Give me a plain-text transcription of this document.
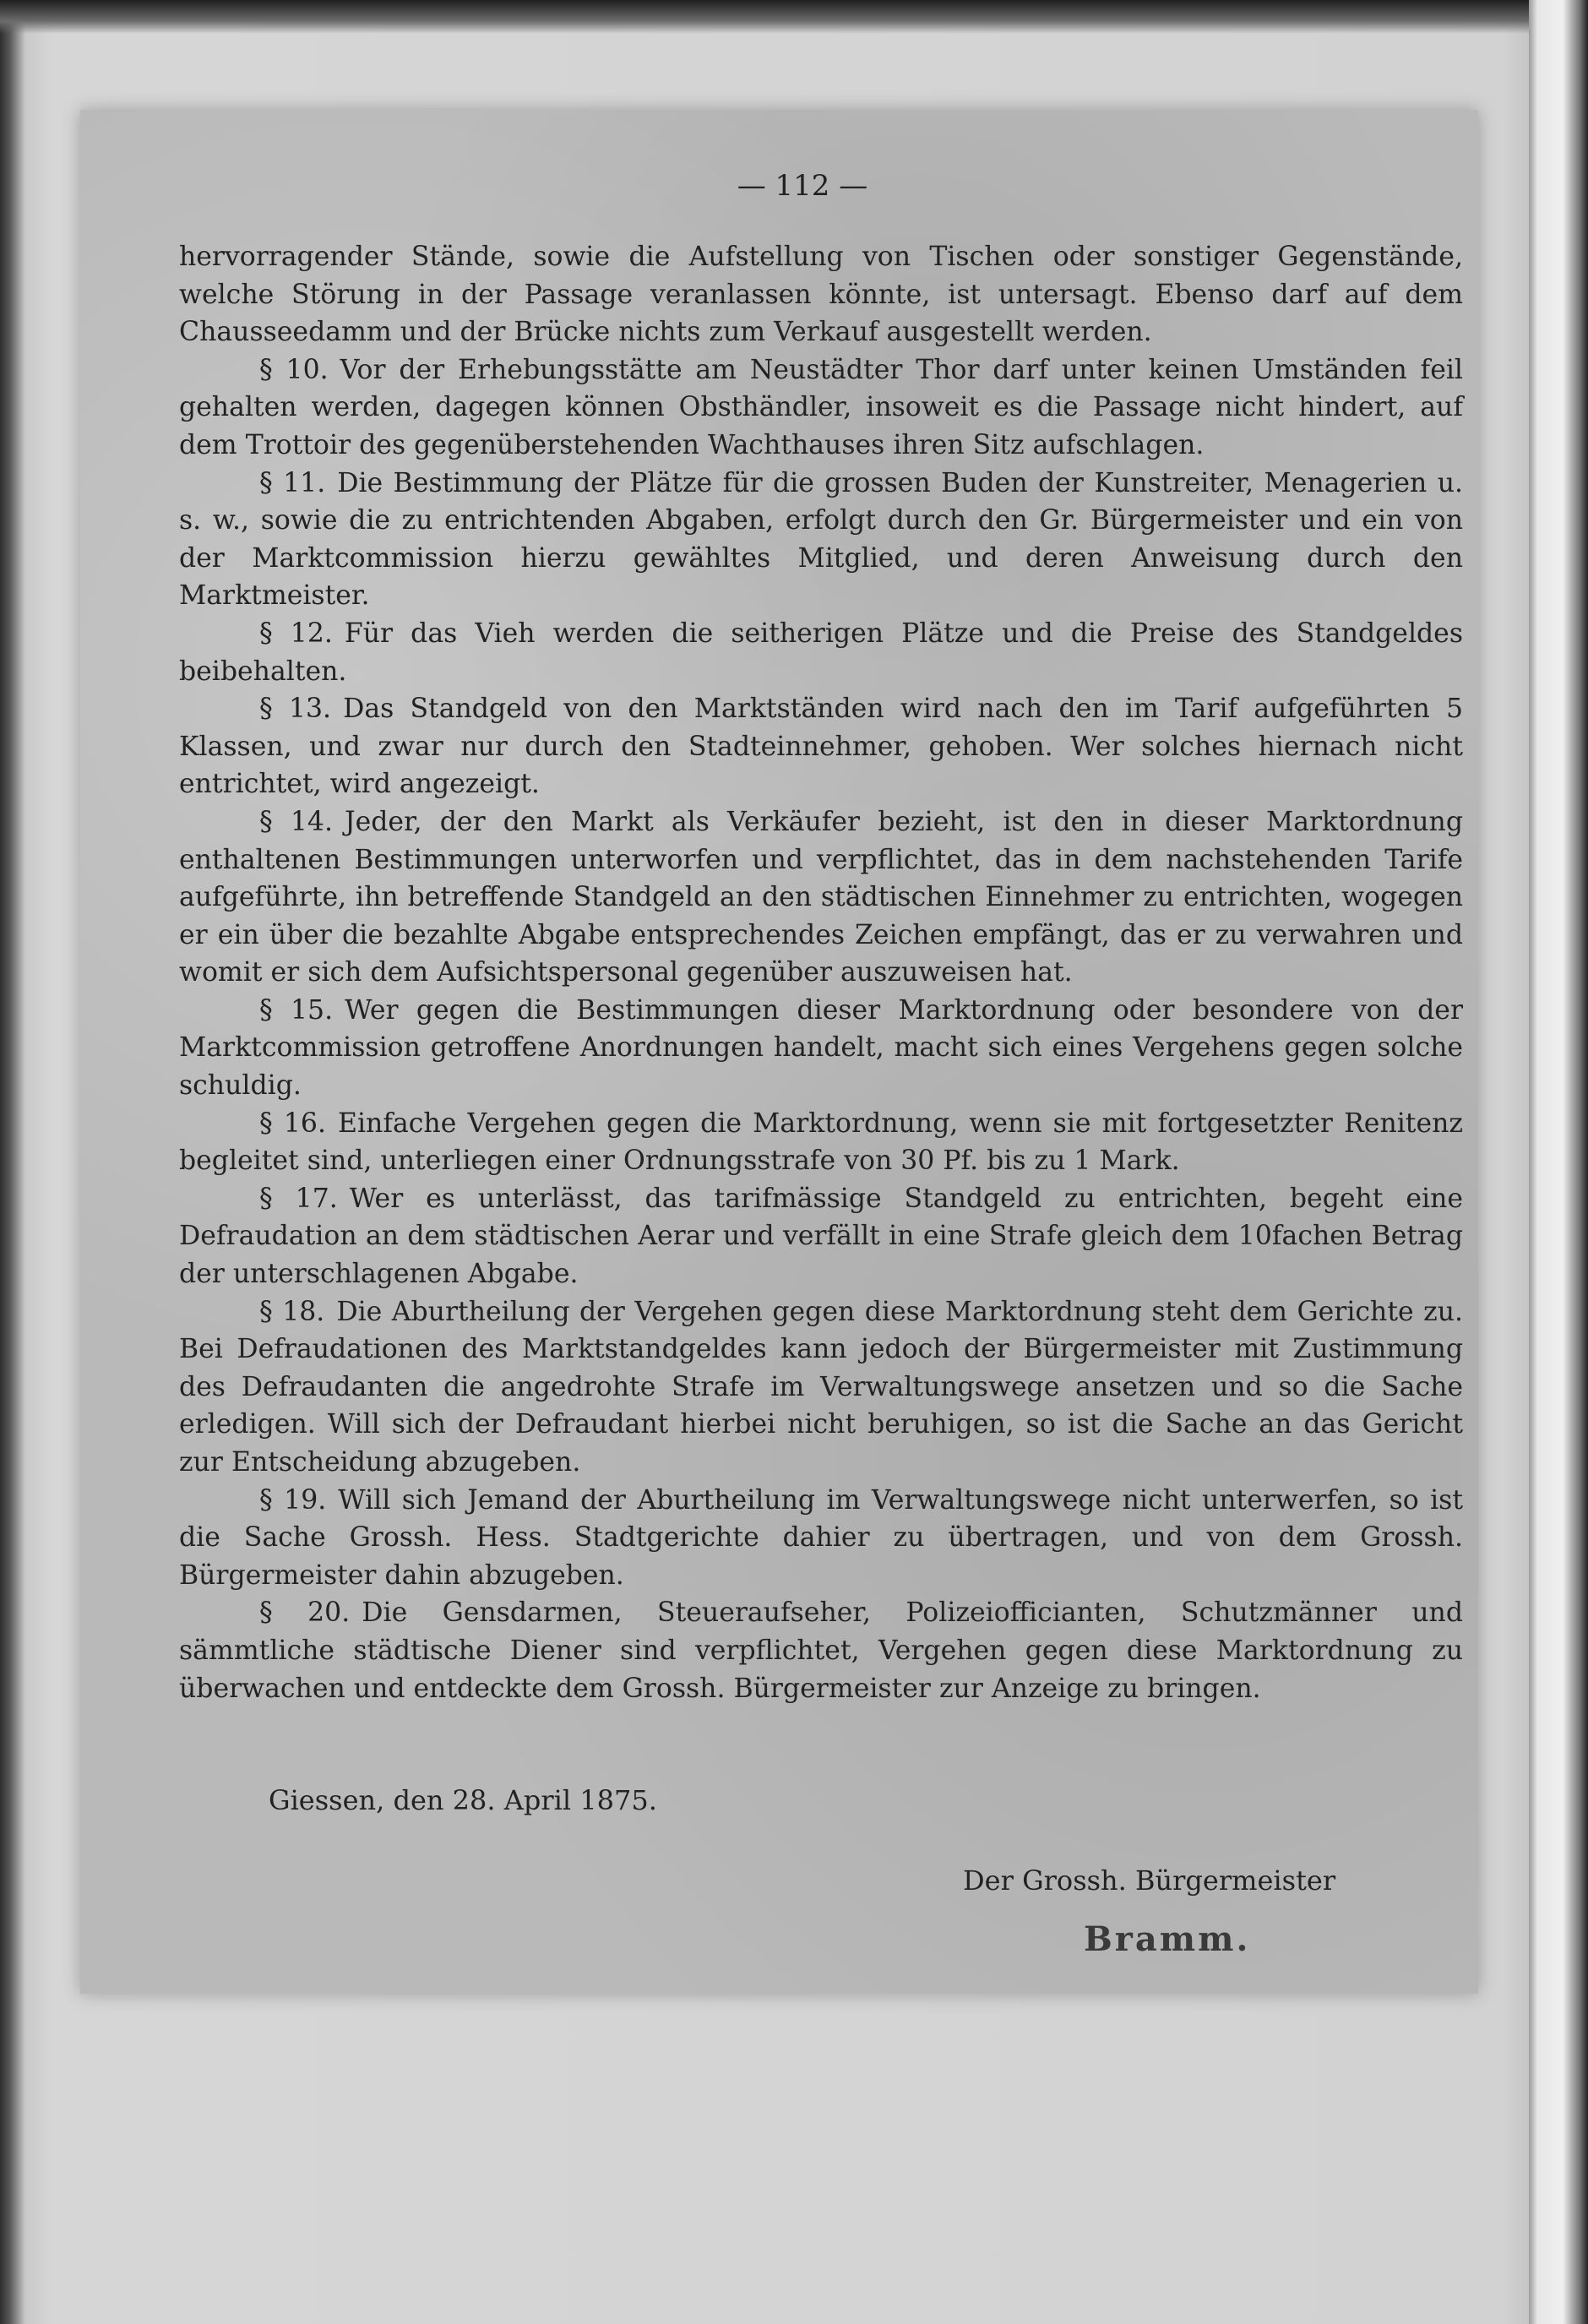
— 112 —

hervorragender Stände, sowie die Aufstellung von Tischen oder sonstiger Gegenstände, welche Störung in der Passage veranlassen könnte, ist untersagt. Ebenso darf auf dem Chausseedamm und der Brücke nichts zum Verkauf ausgestellt werden.

§ 10. Vor der Erhebungsstätte am Neustädter Thor darf unter keinen Umständen feil gehalten werden, dagegen können Obsthändler, insoweit es die Passage nicht hindert, auf dem Trottoir des gegenüberstehenden Wachthauses ihren Sitz aufschlagen.

§ 11. Die Bestimmung der Plätze für die grossen Buden der Kunstreiter, Menagerien u. s. w., sowie die zu entrichtenden Abgaben, erfolgt durch den Gr. Bürgermeister und ein von der Marktcommission hierzu gewähltes Mitglied, und deren Anweisung durch den Marktmeister.

§ 12. Für das Vieh werden die seitherigen Plätze und die Preise des Standgeldes beibehalten.

§ 13. Das Standgeld von den Marktständen wird nach den im Tarif aufgeführten 5 Klassen, und zwar nur durch den Stadteinnehmer, gehoben. Wer solches hiernach nicht entrichtet, wird angezeigt.

§ 14. Jeder, der den Markt als Verkäufer bezieht, ist den in dieser Marktordnung enthaltenen Bestimmungen unterworfen und verpflichtet, das in dem nachstehenden Tarife aufgeführte, ihn betreffende Standgeld an den städtischen Einnehmer zu entrichten, wogegen er ein über die bezahlte Abgabe entsprechendes Zeichen empfängt, das er zu verwahren und womit er sich dem Aufsichtspersonal gegenüber auszuweisen hat.

§ 15. Wer gegen die Bestimmungen dieser Marktordnung oder besondere von der Marktcommission getroffene Anordnungen handelt, macht sich eines Vergehens gegen solche schuldig.

§ 16. Einfache Vergehen gegen die Marktordnung, wenn sie mit fortgesetzter Renitenz begleitet sind, unterliegen einer Ordnungsstrafe von 30 Pf. bis zu 1 Mark.

§ 17. Wer es unterlässt, das tarifmässige Standgeld zu entrichten, begeht eine Defraudation an dem städtischen Aerar und verfällt in eine Strafe gleich dem 10fachen Betrag der unterschlagenen Abgabe.

§ 18. Die Aburtheilung der Vergehen gegen diese Marktordnung steht dem Gerichte zu. Bei Defraudationen des Marktstandgeldes kann jedoch der Bürgermeister mit Zustimmung des Defraudanten die angedrohte Strafe im Verwaltungswege ansetzen und so die Sache erledigen. Will sich der Defraudant hierbei nicht beruhigen, so ist die Sache an das Gericht zur Entscheidung abzugeben.

§ 19. Will sich Jemand der Aburtheilung im Verwaltungswege nicht unterwerfen, so ist die Sache Grossh. Hess. Stadtgerichte dahier zu übertragen, und von dem Grossh. Bürgermeister dahin abzugeben.

§ 20. Die Gensdarmen, Steueraufseher, Polizeiofficianten, Schutzmänner und sämmtliche städtische Diener sind verpflichtet, Vergehen gegen diese Marktordnung zu überwachen und entdeckte dem Grossh. Bürgermeister zur Anzeige zu bringen.

Giessen, den 28. April 1875.
Der Grossh. Bürgermeister
Bramm.
